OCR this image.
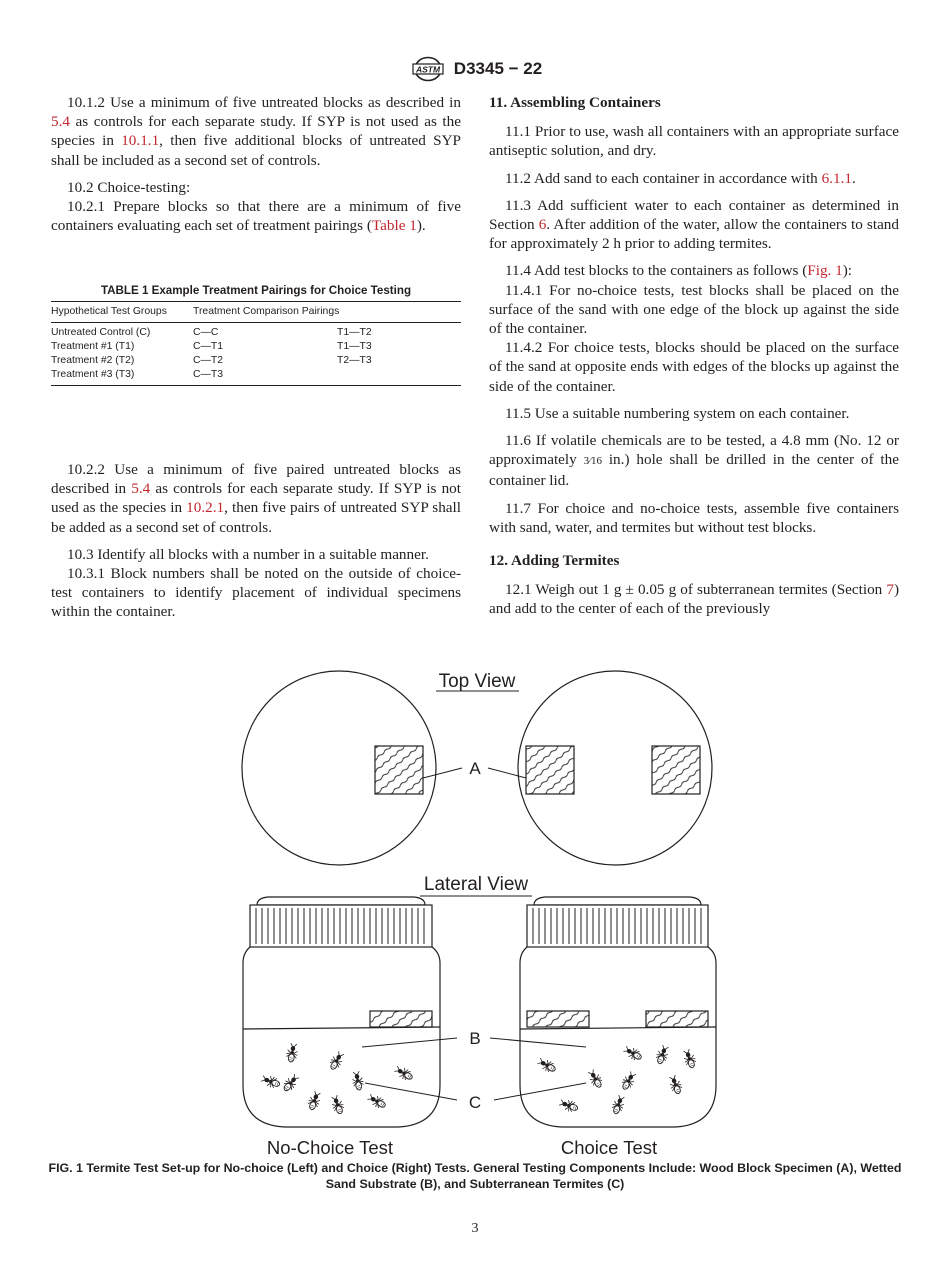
ASTM D3345 − 22

10.1.2 Use a minimum of five untreated blocks as described in 5.4 as controls for each separate study. If SYP is not used as the species in 10.1.1, then five additional blocks of untreated SYP shall be included as a second set of controls.

10.2 Choice-testing:

10.2.1 Prepare blocks so that there are a minimum of five containers evaluating each set of treatment pairings (Table 1).

TABLE 1 Example Treatment Pairings for Choice Testing
Hypothetical Test Groups	Treatment Comparison Pairings
Untreated Control (C)	C—C	T1—T2
Treatment #1 (T1)	C—T1	T1—T3
Treatment #2 (T2)	C—T2	T2—T3
Treatment #3 (T3)	C—T3

10.2.2 Use a minimum of five paired untreated blocks as described in 5.4 as controls for each separate study. If SYP is not used as the species in 10.2.1, then five pairs of untreated SYP shall be added as a second set of controls.

10.3 Identify all blocks with a number in a suitable manner.

10.3.1 Block numbers shall be noted on the outside of choice-test containers to identify placement of individual specimens within the container.

11. Assembling Containers

11.1 Prior to use, wash all containers with an appropriate surface antiseptic solution, and dry.

11.2 Add sand to each container in accordance with 6.1.1.

11.3 Add sufficient water to each container as determined in Section 6. After addition of the water, allow the containers to stand for approximately 2 h prior to adding termites.

11.4 Add test blocks to the containers as follows (Fig. 1):

11.4.1 For no-choice tests, test blocks shall be placed on the surface of the sand with one edge of the block up against the side of the container.

11.4.2 For choice tests, blocks should be placed on the surface of the sand at opposite ends with edges of the blocks up against the side of the container.

11.5 Use a suitable numbering system on each container.

11.6 If volatile chemicals are to be tested, a 4.8 mm (No. 12 or approximately 3⁄16 in.) hole shall be drilled in the center of the container lid.

11.7 For choice and no-choice tests, assemble five containers with sand, water, and termites but without test blocks.

12. Adding Termites

12.1 Weigh out 1 g ± 0.05 g of subterranean termites (Section 7) and add to the center of each of the previously

Top View
A
Lateral View
B
C
No-Choice Test	Choice Test
FIG. 1 Termite Test Set-up for No-choice (Left) and Choice (Right) Tests. General Testing Components Include: Wood Block Specimen (A), Wetted Sand Substrate (B), and Subterranean Termites (C)
3
